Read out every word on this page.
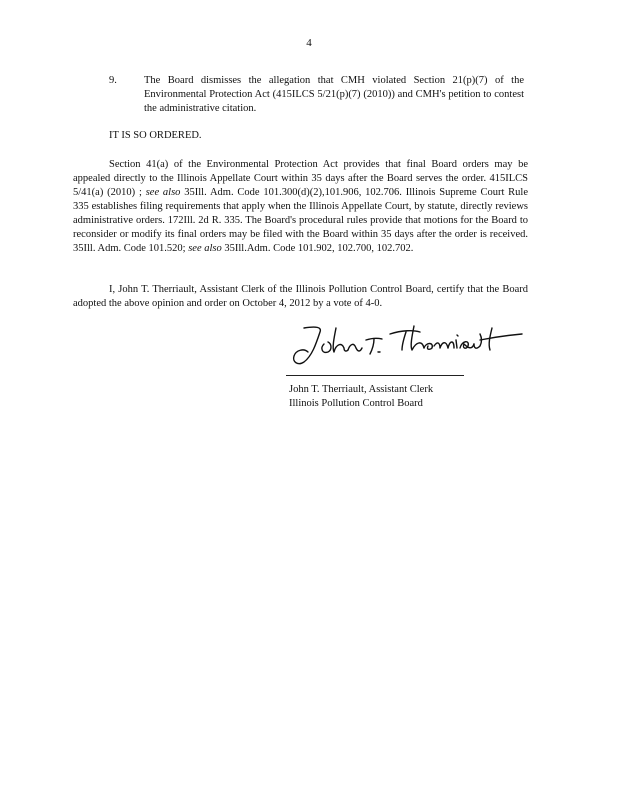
4
9.	The Board dismisses the allegation that CMH violated Section 21(p)(7) of the Environmental Protection Act (415ILCS 5/21(p)(7) (2010)) and CMH's petition to contest the administrative citation.
IT IS SO ORDERED.

Section 41(a) of the Environmental Protection Act provides that final Board orders may be appealed directly to the Illinois Appellate Court within 35 days after the Board serves the order. 415ILCS 5/41(a) (2010) ; see also 35Ill. Adm. Code 101.300(d)(2),101.906, 102.706. Illinois Supreme Court Rule 335 establishes filing requirements that apply when the Illinois Appellate Court, by statute, directly reviews administrative orders. 172Ill. 2d R. 335. The Board's procedural rules provide that motions for the Board to reconsider or modify its final orders may be filed with the Board within 35 days after the order is received. 35Ill. Adm. Code 101.520; see also 35Ill.Adm. Code 101.902, 102.700, 102.702.

I, John T. Therriault, Assistant Clerk of the Illinois Pollution Control Board, certify that the Board adopted the above opinion and order on October 4, 2012 by a vote of 4-0.

John T. Therriault, Assistant Clerk
Illinois Pollution Control Board
